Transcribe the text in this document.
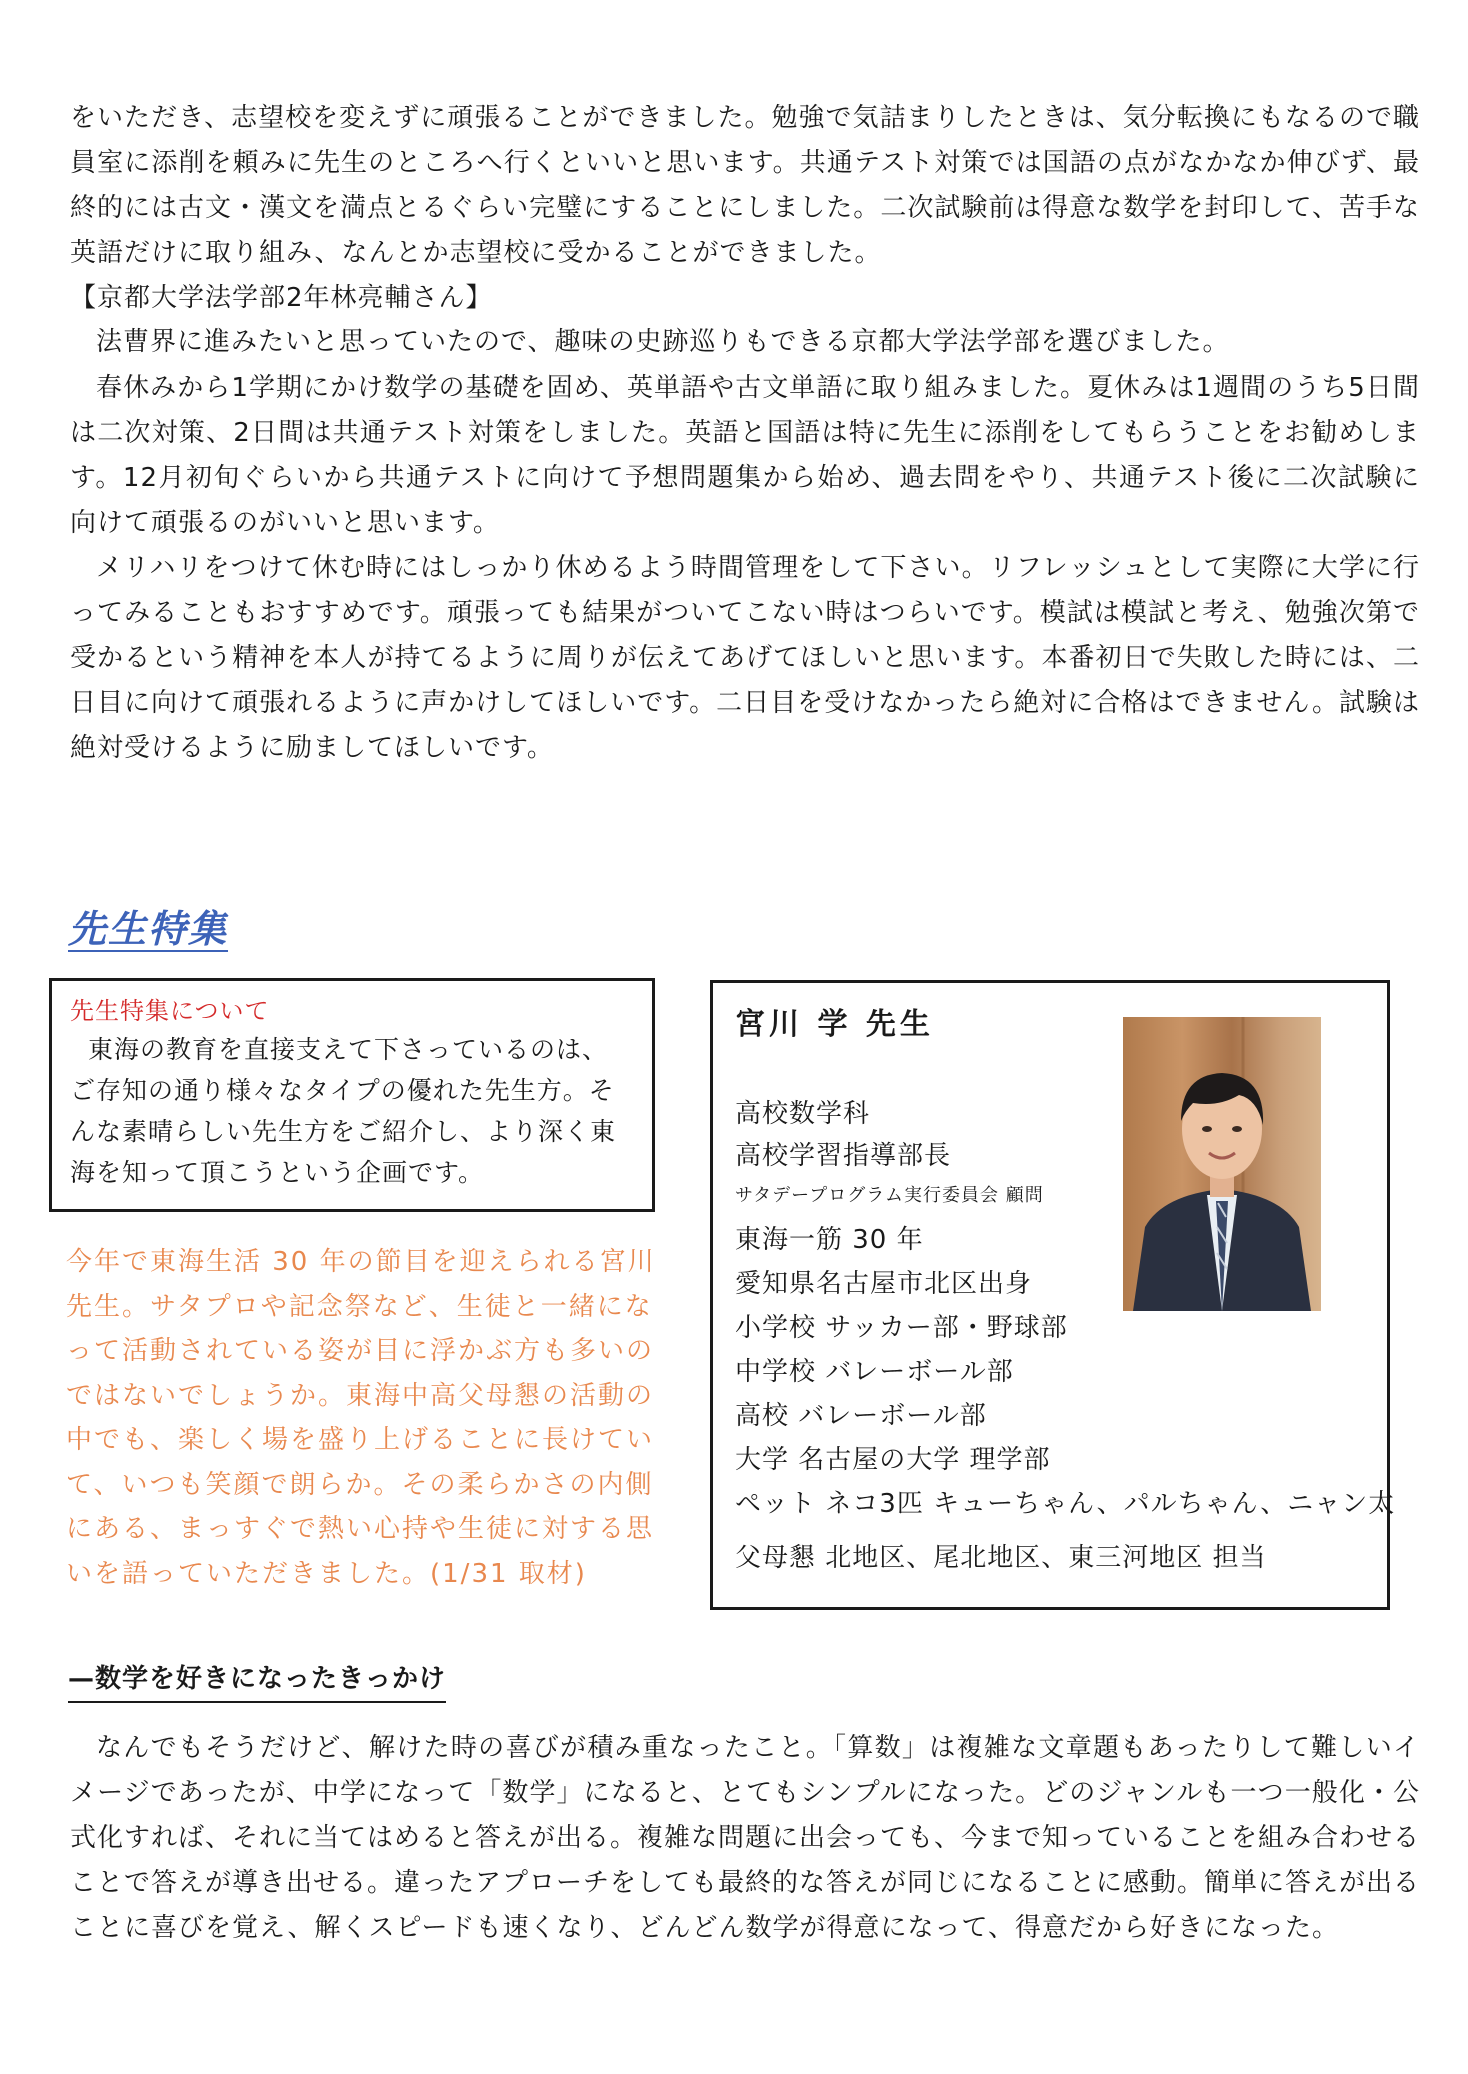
をいただき、志望校を変えずに頑張ることができました。勉強で気詰まりしたときは、気分転換にもなるので職員室に添削を頼みに先生のところへ行くといいと思います。共通テスト対策では国語の点がなかなか伸びず、最終的には古文・漢文を満点とるぐらい完璧にすることにしました。二次試験前は得意な数学を封印して、苦手な英語だけに取り組み、なんとか志望校に受かることができました。

【京都大学法学部2年林亮輔さん】

法曹界に進みたいと思っていたので、趣味の史跡巡りもできる京都大学法学部を選びました。

春休みから1学期にかけ数学の基礎を固め、英単語や古文単語に取り組みました。夏休みは1週間のうち5日間は二次対策、2日間は共通テスト対策をしました。英語と国語は特に先生に添削をしてもらうことをお勧めします。12月初旬ぐらいから共通テストに向けて予想問題集から始め、過去問をやり、共通テスト後に二次試験に向けて頑張るのがいいと思います。

メリハリをつけて休む時にはしっかり休めるよう時間管理をして下さい。リフレッシュとして実際に大学に行ってみることもおすすめです。頑張っても結果がついてこない時はつらいです。模試は模試と考え、勉強次第で受かるという精神を本人が持てるように周りが伝えてあげてほしいと思います。本番初日で失敗した時には、二日目に向けて頑張れるように声かけしてほしいです。二日目を受けなかったら絶対に合格はできません。試験は絶対受けるように励ましてほしいです。

先生特集

先生特集について

東海の教育を直接支えて下さっているのは、ご存知の通り様々なタイプの優れた先生方。そんな素晴らしい先生方をご紹介し、より深く東海を知って頂こうという企画です。

今年で東海生活 30 年の節目を迎えられる宮川先生。サタプロや記念祭など、生徒と一緒になって活動されている姿が目に浮かぶ方も多いのではないでしょうか。東海中高父母懇の活動の中でも、楽しく場を盛り上げることに長けていて、いつも笑顔で朗らか。その柔らかさの内側にある、まっすぐで熱い心持や生徒に対する思いを語っていただきました。(1/31 取材)

宮川 学 先生

高校数学科

高校学習指導部長

サタデープログラム実行委員会 顧問

東海一筋 30 年

愛知県名古屋市北区出身

小学校 サッカー部・野球部

中学校 バレーボール部

高校 バレーボール部

大学 名古屋の大学 理学部

ペット ネコ3匹 キューちゃん、パルちゃん、ニャン太

父母懇 北地区、尾北地区、東三河地区 担当

—数学を好きになったきっかけ

なんでもそうだけど、解けた時の喜びが積み重なったこと。「算数」は複雑な文章題もあったりして難しいイメージであったが、中学になって「数学」になると、とてもシンプルになった。どのジャンルも一つ一般化・公式化すれば、それに当てはめると答えが出る。複雑な問題に出会っても、今まで知っていることを組み合わせることで答えが導き出せる。違ったアプローチをしても最終的な答えが同じになることに感動。簡単に答えが出ることに喜びを覚え、解くスピードも速くなり、どんどん数学が得意になって、得意だから好きになった。
